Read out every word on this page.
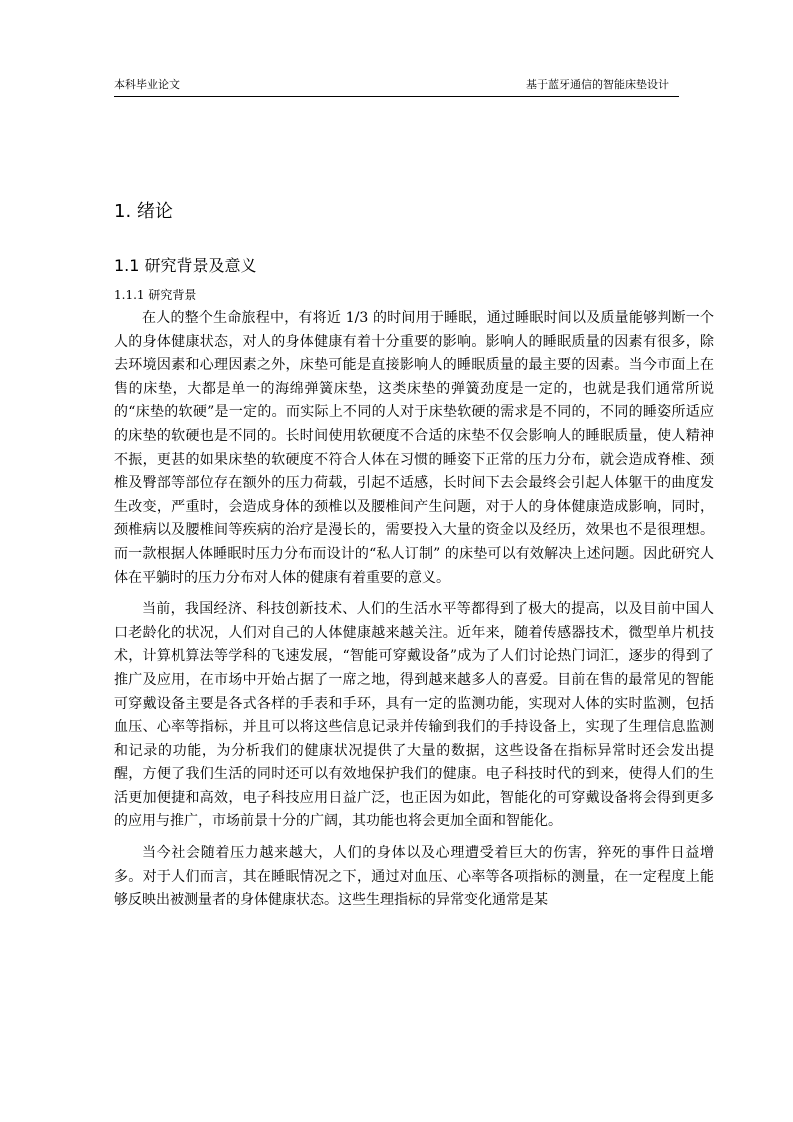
本科毕业论文	基于蓝牙通信的智能床垫设计
1. 绪论
1.1 研究背景及意义
1.1.1 研究背景

在人的整个生命旅程中，有将近 1/3 的时间用于睡眠，通过睡眠时间以及质量能够判断一个人的身体健康状态，对人的身体健康有着十分重要的影响。影响人的睡眠质量的因素有很多，除去环境因素和心理因素之外，床垫可能是直接影响人的睡眠质量的最主要的因素。当今市面上在售的床垫，大都是单一的海绵弹簧床垫，这类床垫的弹簧劲度是一定的，也就是我们通常所说的“床垫的软硬”是一定的。而实际上不同的人对于床垫软硬的需求是不同的，不同的睡姿所适应的床垫的软硬也是不同的。长时间使用软硬度不合适的床垫不仅会影响人的睡眠质量，使人精神不振，更甚的如果床垫的软硬度不符合人体在习惯的睡姿下正常的压力分布，就会造成脊椎、颈椎及臀部等部位存在额外的压力荷载，引起不适感，长时间下去会最终会引起人体躯干的曲度发生改变，严重时，会造成身体的颈椎以及腰椎间产生问题，对于人的身体健康造成影响，同时，颈椎病以及腰椎间等疾病的治疗是漫长的，需要投入大量的资金以及经历，效果也不是很理想。而一款根据人体睡眠时压力分布而设计的“私人订制” 的床垫可以有效解决上述问题。因此研究人体在平躺时的压力分布对人体的健康有着重要的意义。

当前，我国经济、科技创新技术、人们的生活水平等都得到了极大的提高，以及目前中国人口老龄化的状况，人们对自己的人体健康越来越关注。近年来，随着传感器技术，微型单片机技术，计算机算法等学科的飞速发展，“智能可穿戴设备”成为了人们讨论热门词汇，逐步的得到了推广及应用，在市场中开始占据了一席之地，得到越来越多人的喜爱。目前在售的最常见的智能可穿戴设备主要是各式各样的手表和手环，具有一定的监测功能，实现对人体的实时监测，包括血压、心率等指标，并且可以将这些信息记录并传输到我们的手持设备上，实现了生理信息监测和记录的功能，为分析我们的健康状况提供了大量的数据，这些设备在指标异常时还会发出提醒，方便了我们生活的同时还可以有效地保护我们的健康。电子科技时代的到来，使得人们的生活更加便捷和高效，电子科技应用日益广泛，也正因为如此，智能化的可穿戴设备将会得到更多的应用与推广，市场前景十分的广阔，其功能也将会更加全面和智能化。

当今社会随着压力越来越大，人们的身体以及心理遭受着巨大的伤害，猝死的事件日益增多。对于人们而言，其在睡眠情况之下，通过对血压、心率等各项指标的测量，在一定程度上能够反映出被测量者的身体健康状态。这些生理指标的异常变化通常是某
